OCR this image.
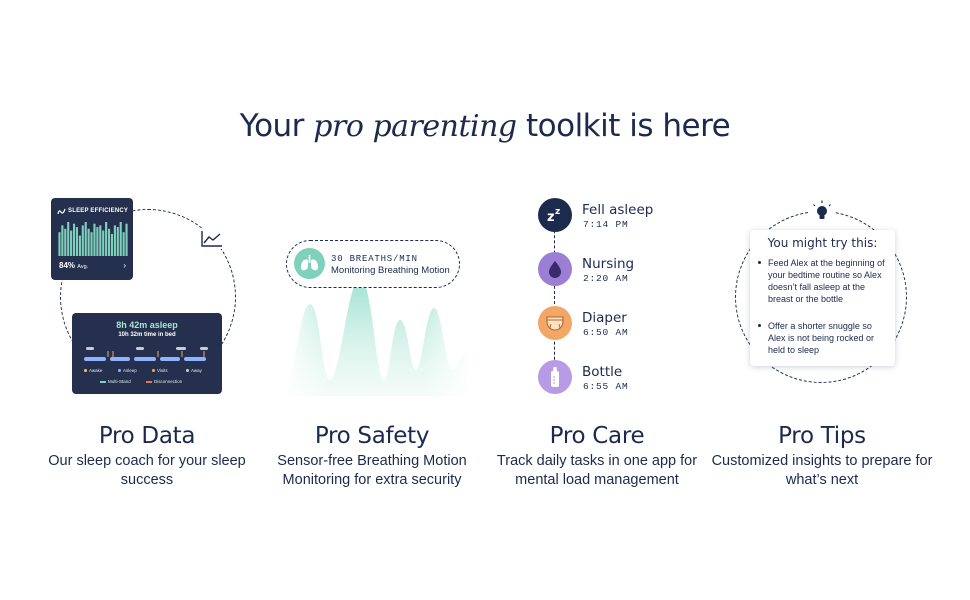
Your pro parenting toolkit is here
SLEEP EFFICIENCY
84% Avg.	›
8h 42m asleep
10h 32m time in bed
Awake	Asleep	Visits	Away
Multi-Stand	Disconnection
Pro Data
Our sleep coach for your sleep success
30 BREATHS/MIN
Monitoring Breathing Motion
Pro Safety
Sensor-free Breathing Motion Monitoring for extra security
z z Fell asleep
7:14 PM
Nursing
2:20 AM
Diaper
6:50 AM
Bottle
6:55 AM
Pro Care
Track daily tasks in one app for mental load management
You might try this:
Feed Alex at the beginning of your bedtime routine so Alex doesn’t fall asleep at the breast or the bottle
Offer a shorter snuggle so Alex is not being rocked or held to sleep
Pro Tips
Customized insights to prepare for what’s next
